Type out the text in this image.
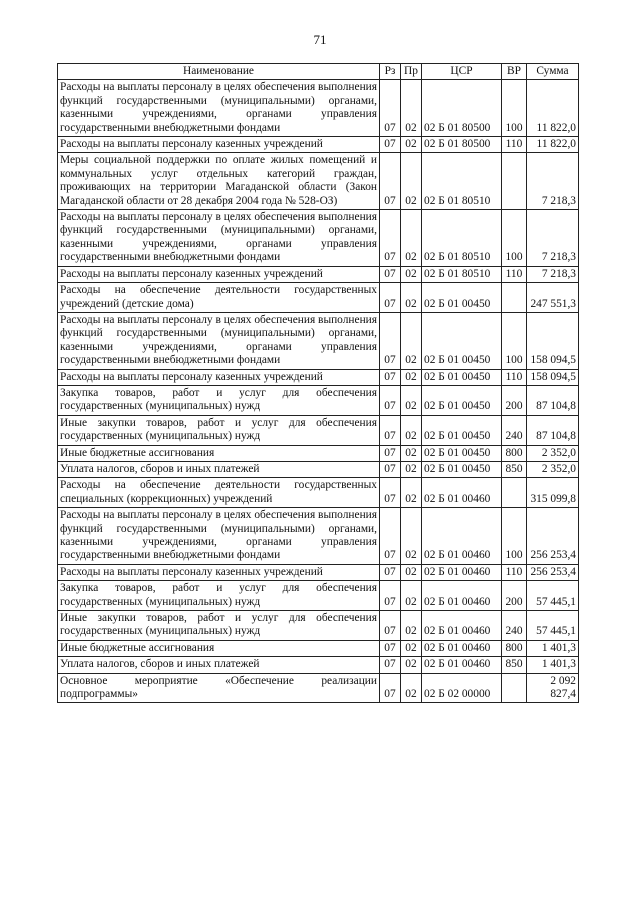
71
Наименование	Рз	Пр	ЦСР	ВР	Сумма
Расходы на выплаты персоналу в целях обеспечения выполнения функций государственными (муниципальными) органами, казенными учреждениями, органами управления государственными внебюджетными фондами	07	02	02 Б 01 80500	100	11 822,0
Расходы на выплаты персоналу казенных учреждений	07	02	02 Б 01 80500	110	11 822,0
Меры социальной поддержки по оплате жилых помещений и коммунальных услуг отдельных категорий граждан, проживающих на территории Магаданской области (Закон Магаданской области от 28 декабря 2004 года № 528-ОЗ)	07	02	02 Б 01 80510		7 218,3
Расходы на выплаты персоналу в целях обеспечения выполнения функций государственными (муниципальными) органами, казенными учреждениями, органами управления государственными внебюджетными фондами	07	02	02 Б 01 80510	100	7 218,3
Расходы на выплаты персоналу казенных учреждений	07	02	02 Б 01 80510	110	7 218,3
Расходы на обеспечение деятельности государственных учреждений (детские дома)	07	02	02 Б 01 00450		247 551,3
Расходы на выплаты персоналу в целях обеспечения выполнения функций государственными (муниципальными) органами, казенными учреждениями, органами управления государственными внебюджетными фондами	07	02	02 Б 01 00450	100	158 094,5
Расходы на выплаты персоналу казенных учреждений	07	02	02 Б 01 00450	110	158 094,5
Закупка товаров, работ и услуг для обеспечения государственных (муниципальных) нужд	07	02	02 Б 01 00450	200	87 104,8
Иные закупки товаров, работ и услуг для обеспечения государственных (муниципальных) нужд	07	02	02 Б 01 00450	240	87 104,8
Иные бюджетные ассигнования	07	02	02 Б 01 00450	800	2 352,0
Уплата налогов, сборов и иных платежей	07	02	02 Б 01 00450	850	2 352,0
Расходы на обеспечение деятельности государственных специальных (коррекционных) учреждений	07	02	02 Б 01 00460		315 099,8
Расходы на выплаты персоналу в целях обеспечения выполнения функций государственными (муниципальными) органами, казенными учреждениями, органами управления государственными внебюджетными фондами	07	02	02 Б 01 00460	100	256 253,4
Расходы на выплаты персоналу казенных учреждений	07	02	02 Б 01 00460	110	256 253,4
Закупка товаров, работ и услуг для обеспечения государственных (муниципальных) нужд	07	02	02 Б 01 00460	200	57 445,1
Иные закупки товаров, работ и услуг для обеспечения государственных (муниципальных) нужд	07	02	02 Б 01 00460	240	57 445,1
Иные бюджетные ассигнования	07	02	02 Б 01 00460	800	1 401,3
Уплата налогов, сборов и иных платежей	07	02	02 Б 01 00460	850	1 401,3
Основное мероприятие «Обеспечение реализации подпрограммы»	07	02	02 Б 02 00000		2 092 827,4
